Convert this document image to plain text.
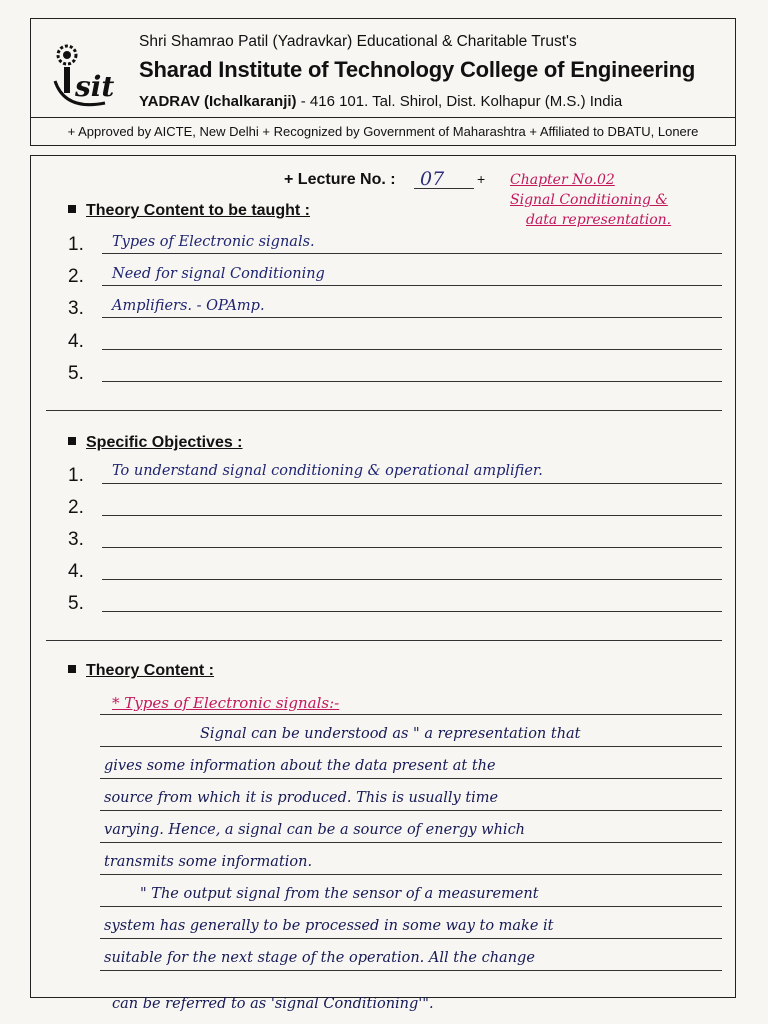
sit
Shri Shamrao Patil (Yadravkar) Educational & Charitable Trust's
Sharad Institute of Technology College of Engineering
YADRAV (Ichalkaranji) - 416 101. Tal. Shirol, Dist. Kolhapur (M.S.) India
+ Approved by AICTE, New Delhi + Recognized by Government of Maharashtra + Affiliated to DBATU, Lonere
+ Lecture No. : 07 + Chapter No.02
Signal Conditioning &
data representation.
Theory Content to be taught :
1. Types of Electronic signals.
2. Need for signal Conditioning
3. Amplifiers. - OPAmp.
4.
5.
Specific Objectives :
1. To understand signal conditioning & operational amplifier.
2.
3.
4.
5.
Theory Content :
* Types of Electronic signals:-
Signal can be understood as " a representation that
gives some information about the data present at the
source from which it is produced. This is usually time
varying. Hence, a signal can be a source of energy which
transmits some information.
" The output signal from the sensor of a measurement
system has generally to be processed in some way to make it
suitable for the next stage of the operation. All the change
can be referred to as 'signal Conditioning'".
